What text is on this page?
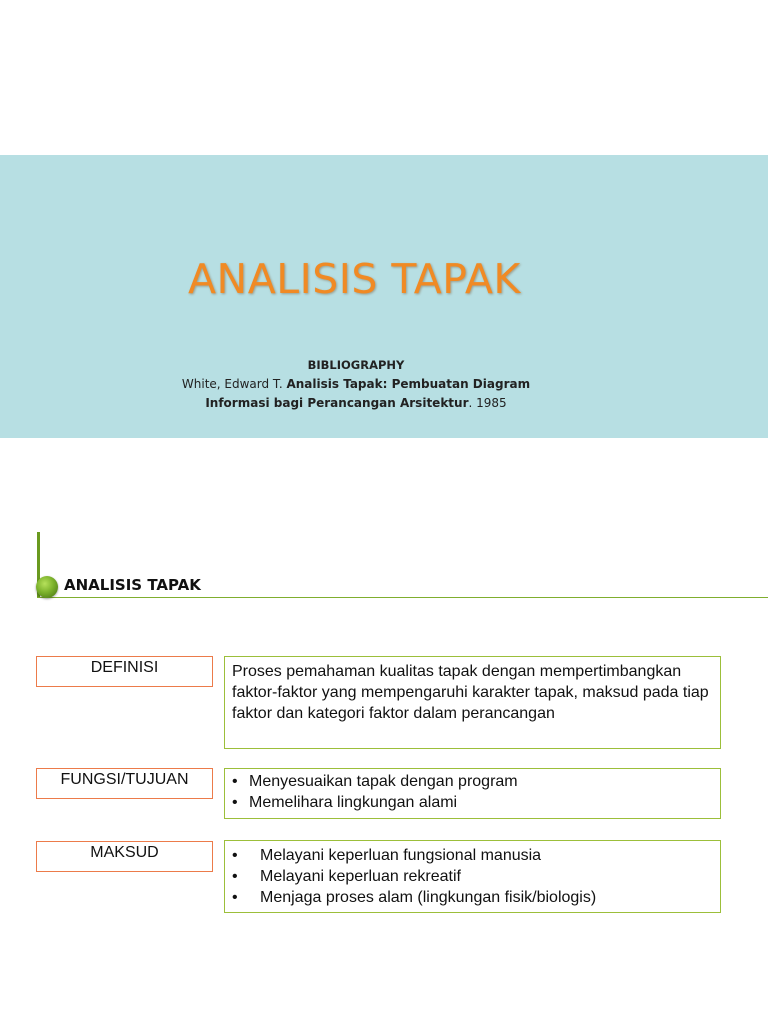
ANALISIS TAPAK
BIBLIOGRAPHY
White, Edward T. Analisis Tapak: Pembuatan Diagram
Informasi bagi Perancangan Arsitektur. 1985
ANALISIS TAPAK
DEFINISI	Proses pemahaman kualitas tapak dengan mempertimbangkan faktor-faktor yang mempengaruhi karakter tapak, maksud pada tiap faktor dan kategori faktor dalam perancangan

FUNGSI/TUJUAN	• Menyesuaikan tapak dengan program
• Memelihara lingkungan alami
MAKSUD	• Melayani keperluan fungsional manusia
• Melayani keperluan rekreatif
• Menjaga proses alam (lingkungan fisik/biologis)
